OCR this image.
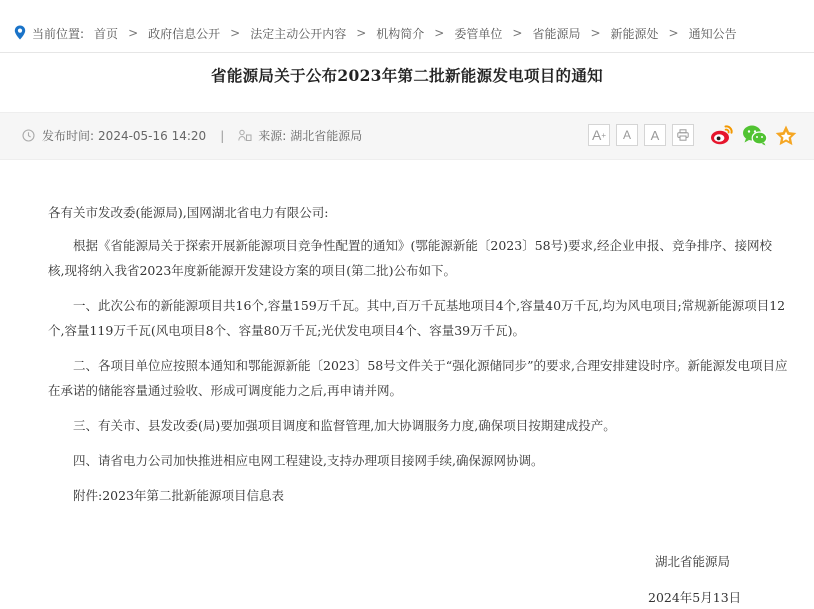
当前位置: 首页 > 政府信息公开 > 法定主动公开内容 > 机构简介 > 委管单位 > 省能源局 > 新能源处 > 通知公告
省能源局关于公布2023年第二批新能源发电项目的通知
发布时间: 2024-05-16 14:20 |	来源: 湖北省能源局	A + A A

各有关市发改委(能源局),国网湖北省电力有限公司:

根据《省能源局关于探索开展新能源项目竞争性配置的通知》(鄂能源新能〔2023〕58号)要求,经企业申报、竞争排序、接网校核,现将纳入我省2023年度新能源开发建设方案的项目(第二批)公布如下。

一、此次公布的新能源项目共16个,容量159万千瓦。其中,百万千瓦基地项目4个,容量40万千瓦,均为风电项目;常规新能源项目12个,容量119万千瓦(风电项目8个、容量80万千瓦;光伏发电项目4个、容量39万千瓦)。

二、各项目单位应按照本通知和鄂能源新能〔2023〕58号文件关于“强化源储同步”的要求,合理安排建设时序。新能源发电项目应在承诺的储能容量通过验收、形成可调度能力之后,再申请并网。

三、有关市、县发改委(局)要加强项目调度和监督管理,加大协调服务力度,确保项目按期建成投产。

四、请省电力公司加快推进相应电网工程建设,支持办理项目接网手续,确保源网协调。

附件:2023年第二批新能源项目信息表

湖北省能源局
2024年5月13日
